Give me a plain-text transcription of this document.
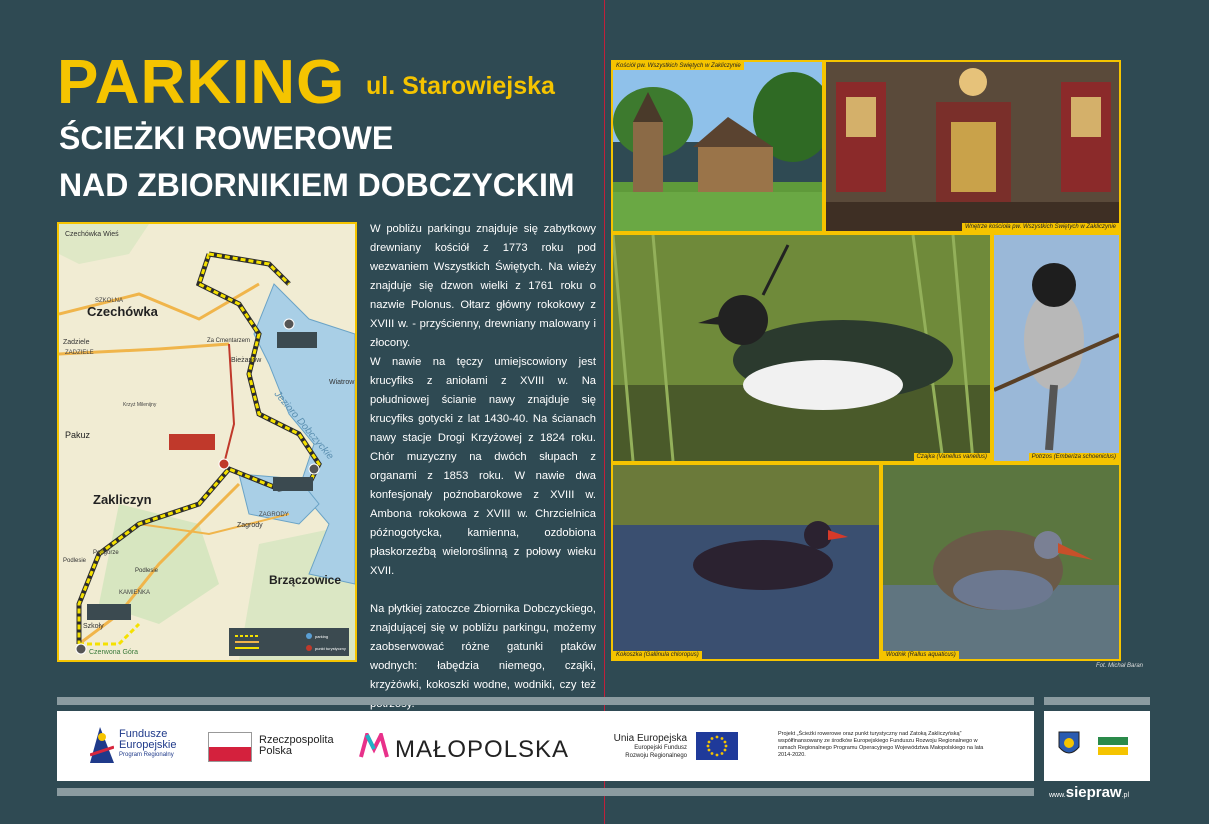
PARKING ul. Starowiejska
ŚCIEŻKI ROWEROWE
NAD ZBIORNIKIEM DOBCZYCKIM
Czechówka Wieś
Czechówka
SZKOLNA
ZADZIELE
Zadziele	Za Cmentarzem
Bieżanów
Wiatrow
Pakuz
Zakliczyn
Zagrody
ZAGRODY
Brzączowice
Podgórze
Podlesie
KAMIEŃKA
Szkoły
Czerwona Góra
Jezioro Dobczyckie
Krzyż Milenijny
Podlesie
parking
punkt turystyczny

W pobliżu parkingu znajduje się zabytkowy drewniany kościół z 1773 roku pod wezwaniem Wszystkich Świętych. Na wieży znajduje się dzwon wielki z 1761 roku o nazwie Polonus. Ołtarz główny rokokowy z XVIII w. - przyścienny, drewniany malowany i złocony.

W nawie na tęczy umiejscowiony jest krucyfiks z aniołami z XVIII w. Na południowej ścianie nawy znajduje się krucyfiks gotycki z lat 1430-40. Na ścianach nawy stacje Drogi Krzyżowej z 1824 roku. Chór muzyczny na dwóch słupach z organami z 1853 roku. W nawie dwa konfesjonały poźnobarokowe z XVIII w. Ambona rokokowa z XVIII w. Chrzcielnica późnogotycka, kamienna, ozdobiona płaskorzeźbą wieloroślinną z połowy wieku XVII.

Na płytkiej zatoczce Zbiornika Dobczyckiego, znajdującej się w pobliżu parkingu, możemy zaobserwować różne gatunki ptaków wodnych: łabędzia niemego, czajki, krzyżówki, kokoszki wodne, wodniki, czy też

Kościół pw. Wszystkich Świętych w Zakliczynie
Wnętrze kościoła pw. Wszystkich Świętych w Zakliczynie
Czajka (Vanellus vanellus)	Potrzos (Emberiza schoeniclus)
Kokoszka (Gallinula chloropus)	Wodnik (Rallus aquaticus)
Fot. Michał Baran
Fundusze
Europejskie
Program Regionalny
Rzeczpospolita
Polska	MAŁOPOLSKA	Unia Europejska
Europejski Fundusz
Rozwoju Regionalnego
Projekt „Ścieżki rowerowe oraz punkt turystyczny nad Zatoką Zakliczyńską” współfinansowany ze środków Europejskiego Funduszu Rozwoju Regionalnego w ramach Regionalnego Programu Operacyjnego Województwa Małopolskiego na lata 2014-2020.
www.siepraw.pl
